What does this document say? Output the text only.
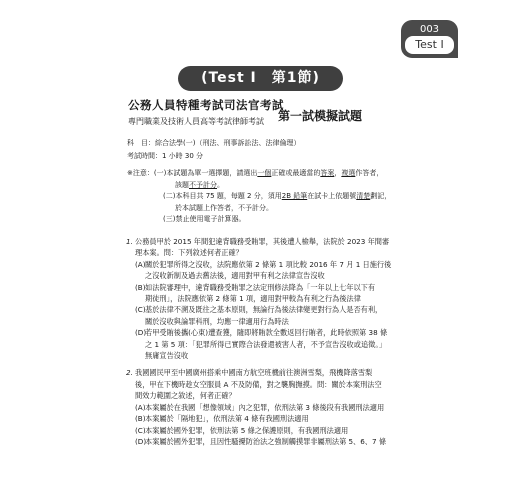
003
Test I
(Test I　第1節)
公務人員特種考試司法官考試
專門職業及技術人員高等考試律師考試 第一試模擬試題
科　目：綜合法學(一)（刑法、刑事訴訟法、法律倫理）
考試時間：1 小時 30 分
※注意：(一)本試題為單一選擇題，請選出一個正確或最適當的答案，複選作答者，
該題不予計分。
(二)本科目共 75 題，每題 2 分，須用2B 鉛筆在試卡上依題號清楚劃記，
於本試題上作答者，不予計分。
(三)禁止使用電子計算器。
1. 公務員甲於 2015 年間犯違背職務受賄罪，其後遭人檢舉，法院於 2023 年間審
理本案。問：下列敘述何者正確？
(A) 關於犯罪所得之沒收，法院應依第 2 條第 1 項比較 2016 年 7 月 1 日施行後
之沒收新制及過去舊法後，適用對甲有利之法律宣告沒收
(B) 如法院審理中，違背職務受賄罪之法定刑修法降為「一年以上七年以下有
期徒刑」，法院應依第 2 條第 1 項，適用對甲較為有利之行為後法律
(C) 基於法律不溯及既往之基本原則，無論行為後法律變更對行為人是否有利，
關於沒收與論罪科刑，均應一律適用行為時法
(D)
若甲受賄後攜(心東)遭查獲，隨即將賄款全數返回行賄者，此時依照第 38 條
之 1 第 5 項：「犯罪所得已實際合法發還被害人者，不予宣告沒收或追徵。」
無庸宣告沒收
2. 我國國民甲至中國廣州搭乘中國南方航空班機前往澳洲雪梨，飛機降落雪梨
後，甲在下機時趁女空服員 A 不及防備，對之襲胸撫摸。問：關於本案刑法空
間效力範圍之敘述，何者正確？
(A) 本案屬於在我國「想像領域」內之犯罪，依刑法第 3 條後段有我國刑法適用
(B) 本案屬於「隔地犯」，依刑法第 4 條有我國刑法適用
(C) 本案屬於國外犯罪，依刑法第 5 條之保護原則，有我國刑法適用
(D)
本案屬於國外犯罪，且因性騷擾防治法之強制觸摸罪非屬刑法第 5、6、7 條
